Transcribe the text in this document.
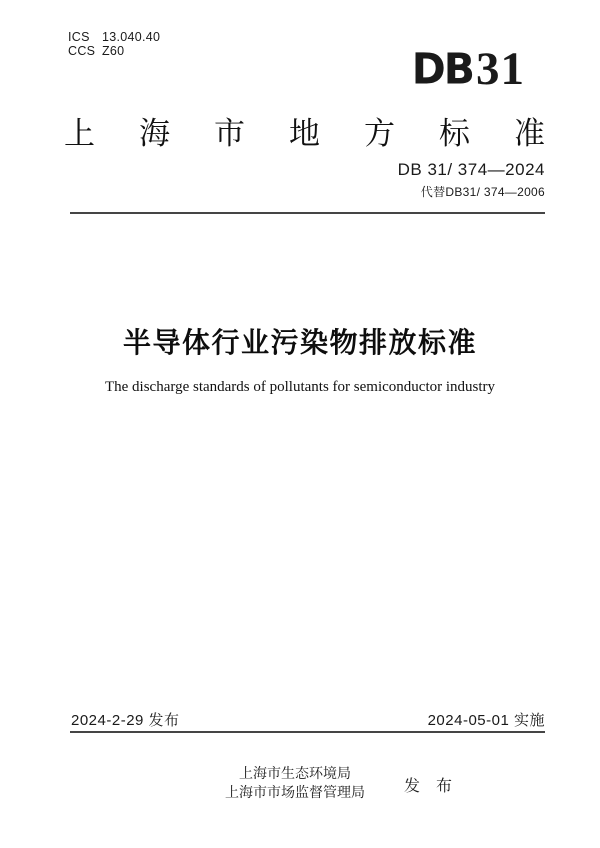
ICS 13.040.40
CCS Z60	DB 31
上 海 市 地 方 标 准
DB 31/ 374—2024
代替DB31/ 374—2006
半导体行业污染物排放标准
The discharge standards of pollutants for semiconductor industry
2024-2-29 发布	2024-05-01 实施
上海市生态环境局
上海市市场监督管理局	发　布
